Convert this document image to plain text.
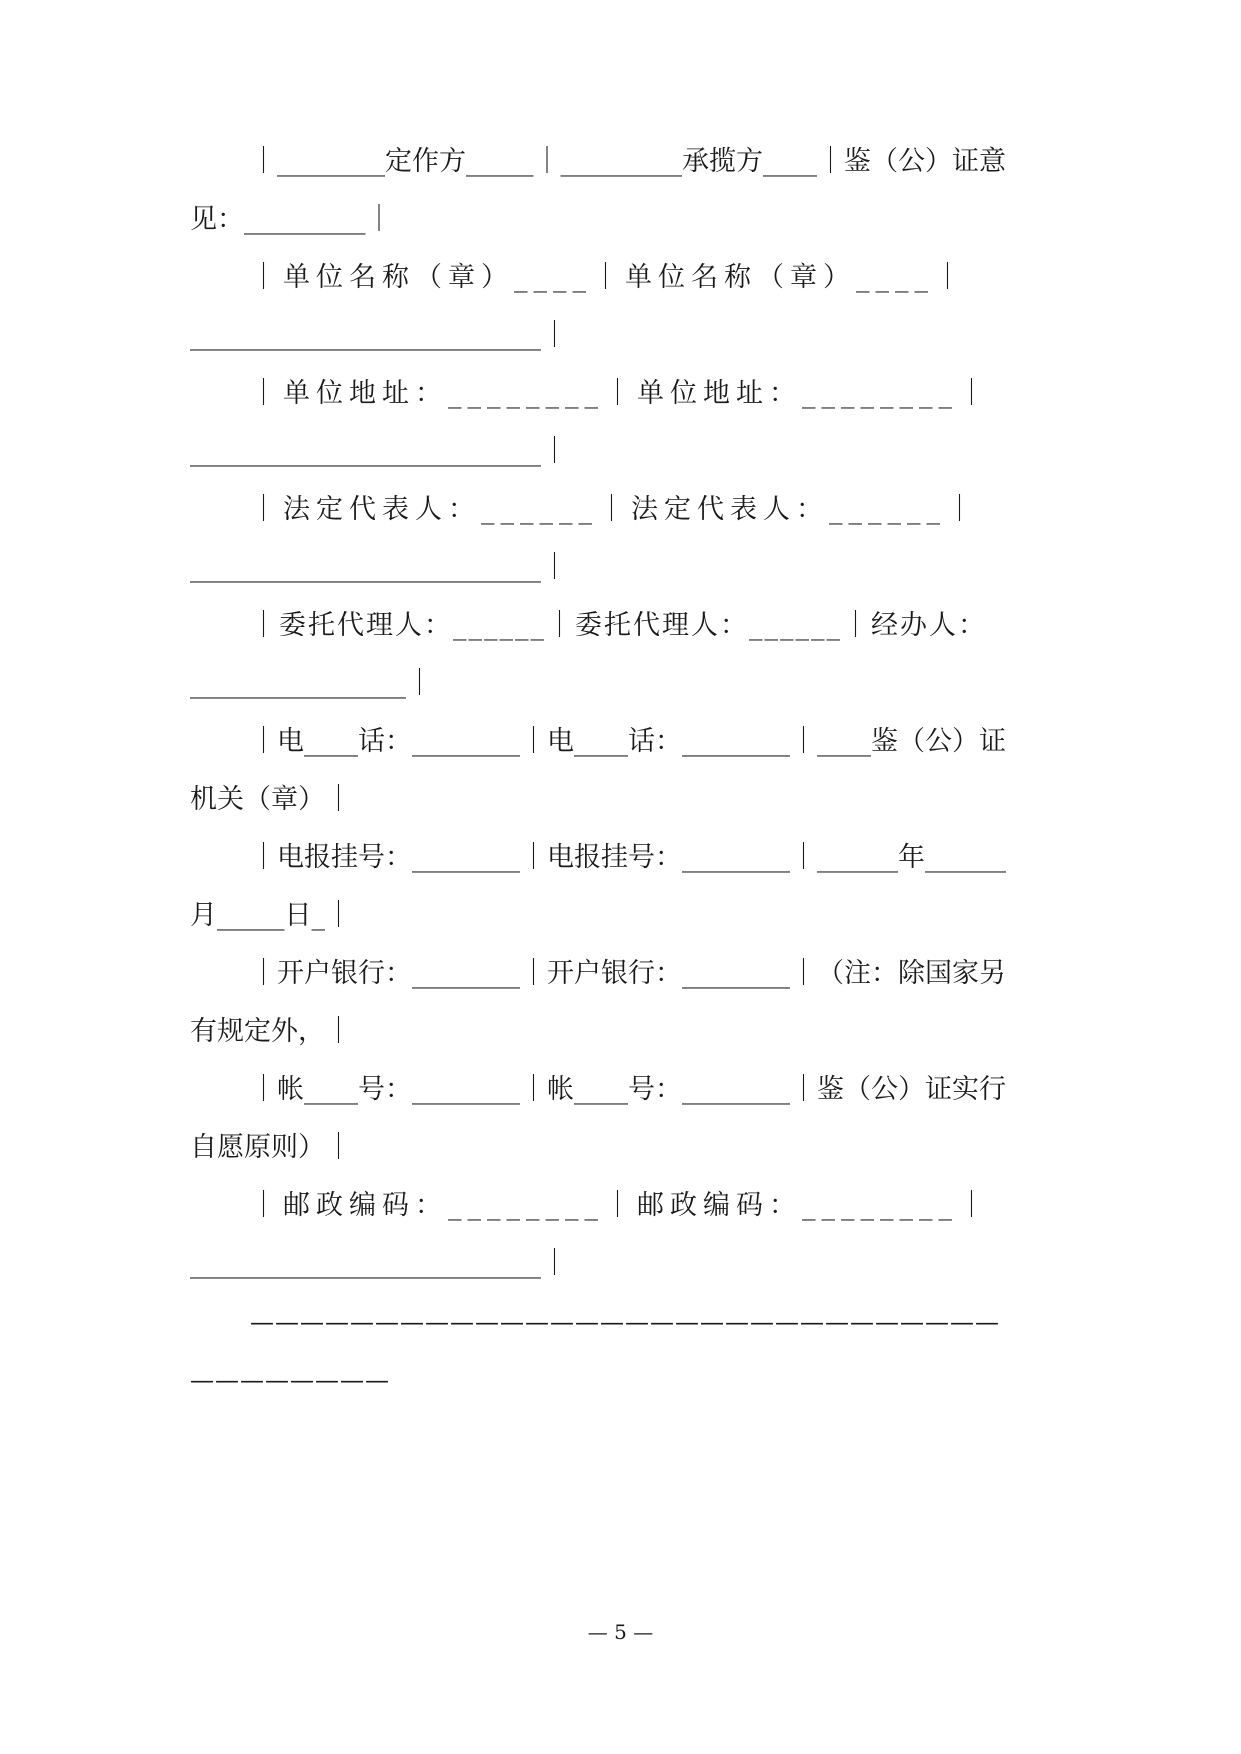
｜________定作方_____｜_________承揽方____｜鉴（公）证意
见：_________｜
｜单位名称（章）____｜单位名称（章）____｜
__________________________｜
｜单位地址：________｜单位地址：________｜
__________________________｜
｜法定代表人：______｜法定代表人：______｜
__________________________｜
｜委托代理人：______｜委托代理人：______｜经办人：
________________｜
｜电____话：________｜电____话：________｜____鉴（公）证
机关（章）｜
｜电报挂号：________｜电报挂号：________｜______年______
月_____日_｜
｜开户银行：________｜开户银行：________｜（注：除国家另
有规定外，｜
｜帐____号：________｜帐____号：________｜鉴（公）证实行
自愿原则）｜
｜邮政编码：________｜邮政编码：________｜
__________________________｜
——————————————————————————————
————————
— 5 —
